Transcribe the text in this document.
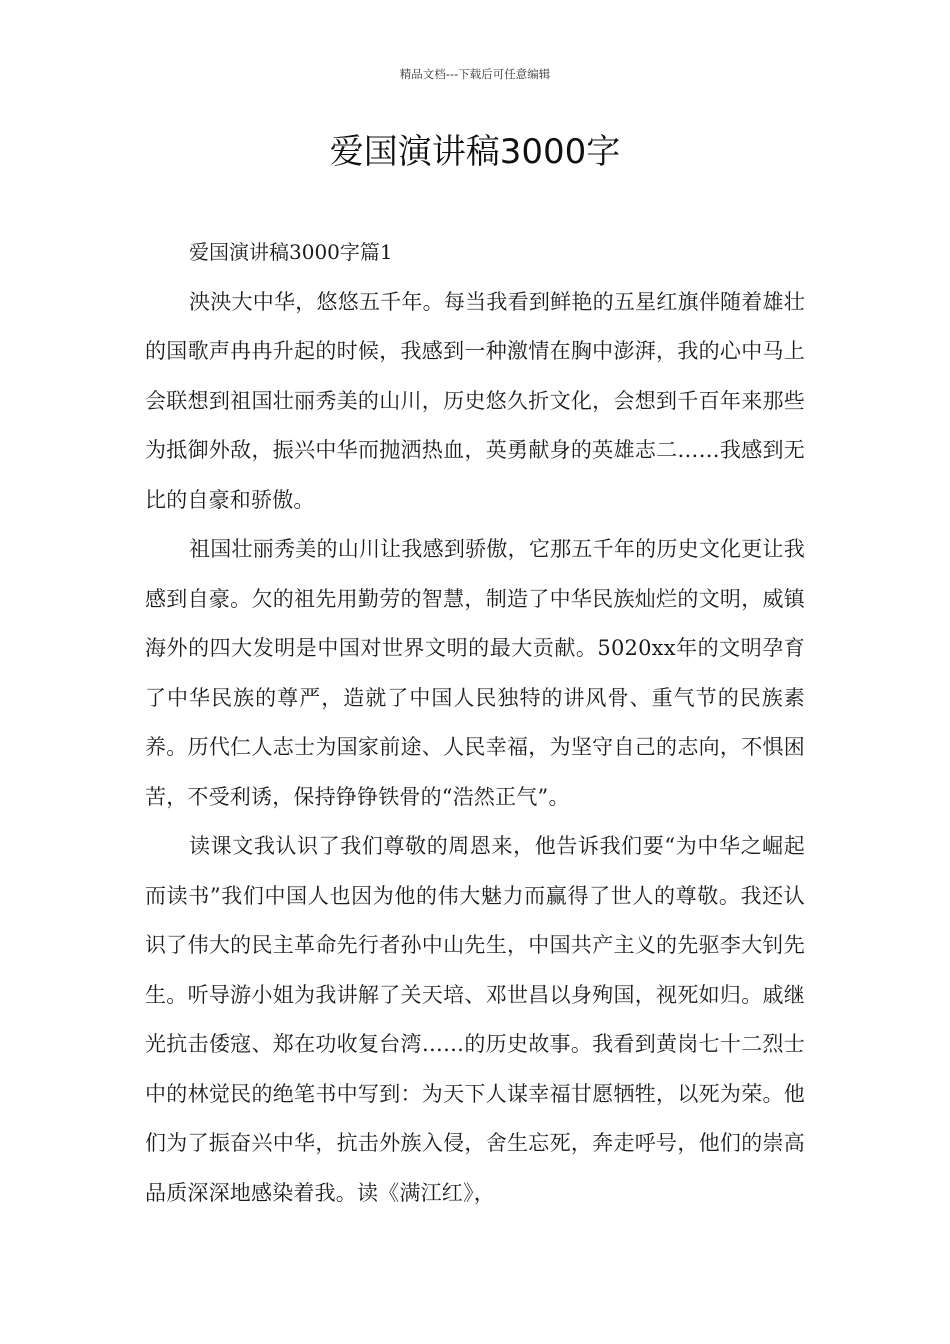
精品文档---下载后可任意编辑
爱国演讲稿3000字

爱国演讲稿3000字篇1

泱泱大中华，悠悠五千年。每当我看到鲜艳的五星红旗伴随着雄壮的国歌声冉冉升起的时候，我感到一种激情在胸中澎湃，我的心中马上会联想到祖国壮丽秀美的山川，历史悠久折文化，会想到千百年来那些为抵御外敌，振兴中华而抛洒热血，英勇献身的英雄志二……我感到无比的自豪和骄傲。

祖国壮丽秀美的山川让我感到骄傲，它那五千年的历史文化更让我感到自豪。欠的祖先用勤劳的智慧，制造了中华民族灿烂的文明，威镇海外的四大发明是中国对世界文明的最大贡献。5020xx年的文明孕育了中华民族的尊严，造就了中国人民独特的讲风骨、重气节的民族素养。历代仁人志士为国家前途、人民幸福，为坚守自己的志向，不惧困苦，不受利诱，保持铮铮铁骨的“浩然正气”。

读课文我认识了我们尊敬的周恩来，他告诉我们要“为中华之崛起而读书”我们中国人也因为他的伟大魅力而赢得了世人的尊敬。我还认识了伟大的民主革命先行者孙中山先生，中国共产主义的先驱李大钊先生。听导游小姐为我讲解了关天培、邓世昌以身殉国，视死如归。戚继光抗击倭寇、郑在功收复台湾……的历史故事。我看到黄岗七十二烈士中的林觉民的绝笔书中写到：为天下人谋幸福甘愿牺牲，以死为荣。他们为了振奋兴中华，抗击外族入侵，舍生忘死，奔走呼号，他们的崇高品质深深地感染着我。读《满江红》，
